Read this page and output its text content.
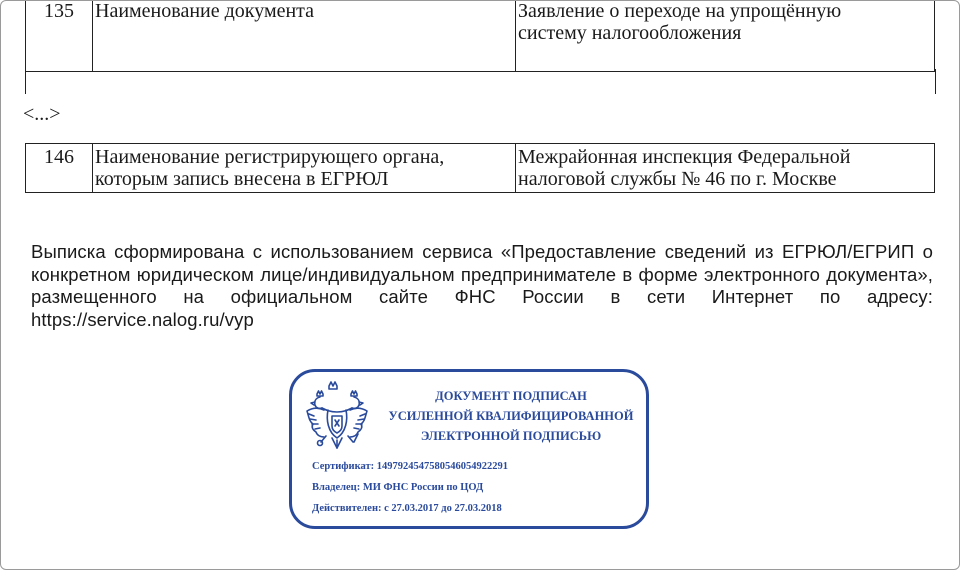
135	Наименование документа	Заявление о переходе на упрощённую
систему налогообложения
<...>
146	Наименование регистрирующего органа,
которым запись внесена в ЕГРЮЛ	Межрайонная инспекция Федеральной
налоговой службы № 46 по г. Москве
Выписка сформирована с использованием сервиса «Предоставление сведений из ЕГРЮЛ/ЕГРИП о конкретном юридическом лице/индивидуальном предпринимателе в форме электронного документа», размещенного на официальном сайте ФНС России в сети Интернет по адресу: https://service.nalog.ru/vyp
ДОКУМЕНТ ПОДПИСАН
УСИЛЕННОЙ КВАЛИФИЦИРОВАННОЙ
ЭЛЕКТРОННОЙ ПОДПИСЬЮ
Сертификат: 1497924547580546054922291
Владелец: МИ ФНС России по ЦОД
Действителен: с 27.03.2017 до 27.03.2018
